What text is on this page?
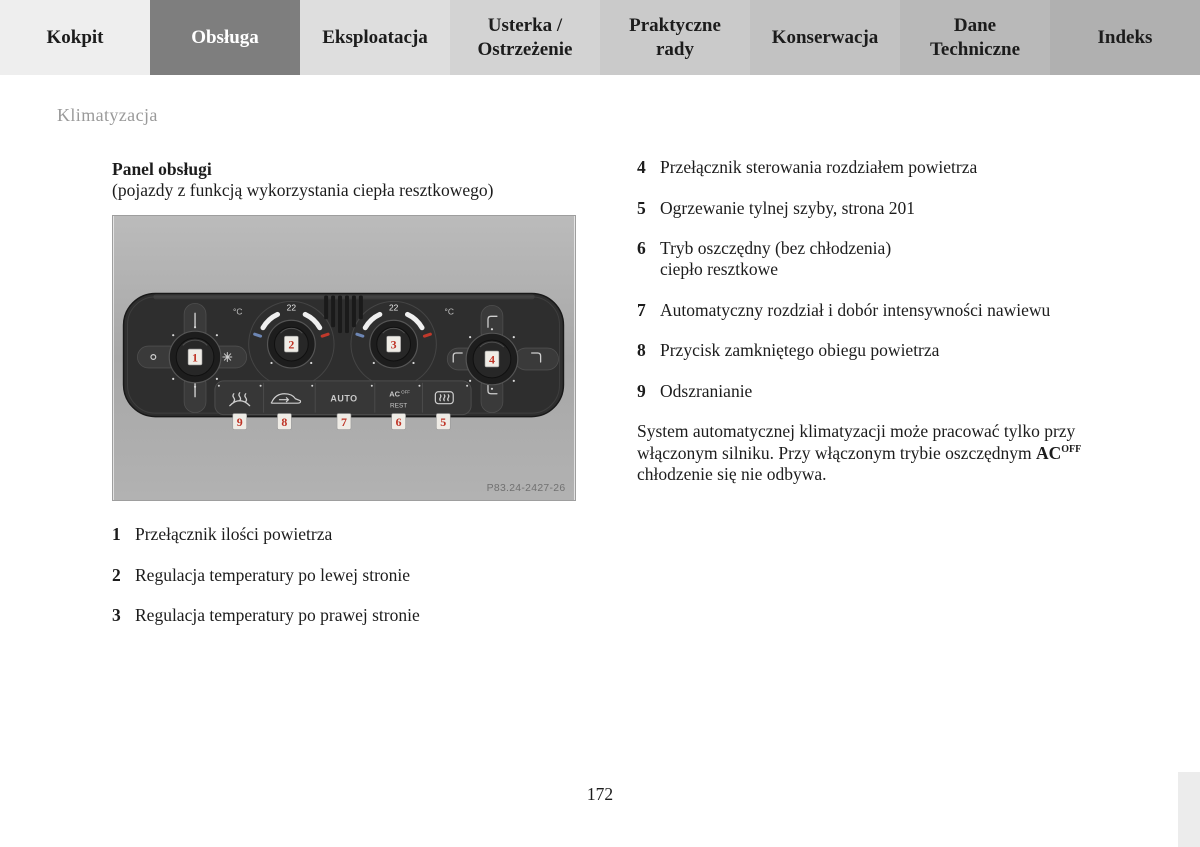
Kokpit	Obsługa	Eksploatacja
Usterka / Ostrzeżenie
Praktyczne rady
Konserwacja
Dane Techniczne
Indeks
Klimatyzacja
Panel obsługi
(pojazdy z funkcją wykorzystania ciepła resztkowego)
22	22
°C	°C
AUTO	AC OFF
REST
1
2	3
4
9	8	7	6	5
P83.24-2427-26
1 Przełącznik ilości powietrza
2 Regulacja temperatury po lewej stronie
3 Regulacja temperatury po prawej stronie
4 Przełącznik sterowania rozdziałem powietrza
5 Ogrzewanie tylnej szyby, strona 201
6 Tryb oszczędny (bez chłodzenia)
ciepło resztkowe
7 Automatyczny rozdział i dobór intensywności nawiewu
8 Przycisk zamkniętego obiegu powietrza
9 Odszranianie

System automatycznej klimatyzacji może pracować tylko przy włączonym silniku. Przy włączonym trybie oszczędnym $AC^{OFF}$ chłodzenie się nie odbywa.

172
